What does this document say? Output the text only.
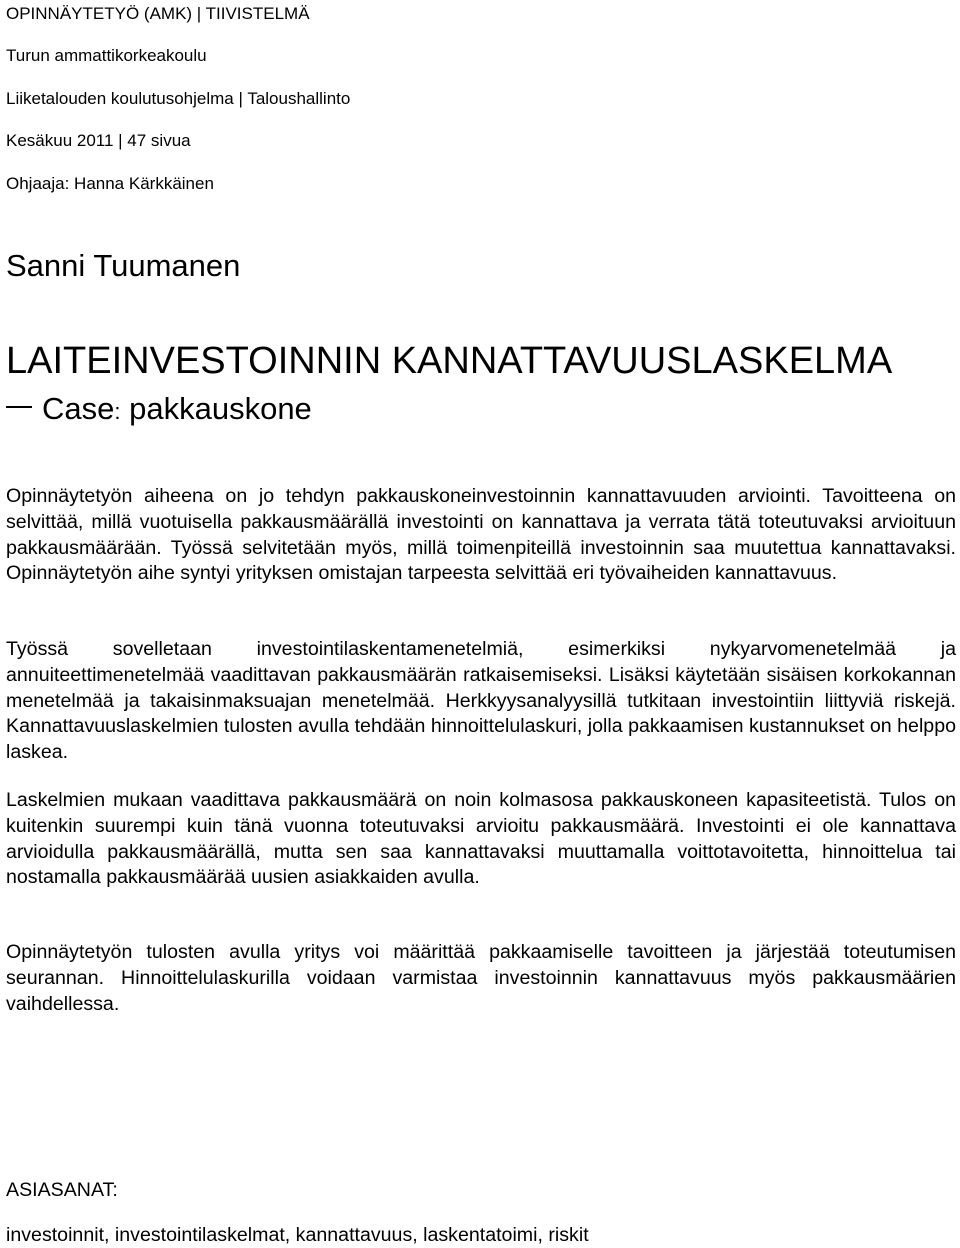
OPINNÄYTETYÖ (AMK) | TIIVISTELMÄ
Turun ammattikorkeakoulu
Liiketalouden koulutusohjelma | Taloushallinto
Kesäkuu 2011 | 47 sivua
Ohjaaja: Hanna Kärkkäinen
Sanni Tuumanen
LAITEINVESTOINNIN KANNATTAVUUSLASKELMA
Case: pakkauskone

Opinnäytetyön aiheena on jo tehdyn pakkauskoneinvestoinnin kannattavuuden arviointi. Tavoitteena on selvittää, millä vuotuisella pakkausmäärällä investointi on kannattava ja verrata tätä toteutuvaksi arvioituun pakkausmäärään. Työssä selvitetään myös, millä toimenpiteillä investoinnin saa muutettua kannattavaksi. Opinnäytetyön aihe syntyi yrityksen omistajan tarpeesta selvittää eri työvaiheiden kannattavuus.

Työssä sovelletaan investointilaskentamenetelmiä, esimerkiksi nykyarvomenetelmää ja annuiteettimenetelmää vaadittavan pakkausmäärän ratkaisemiseksi. Lisäksi käytetään sisäisen korkokannan menetelmää ja takaisinmaksuajan menetelmää. Herkkyysanalyysillä tutkitaan investointiin liittyviä riskejä. Kannattavuuslaskelmien tulosten avulla tehdään hinnoittelulaskuri, jolla pakkaamisen kustannukset on helppo laskea.

Laskelmien mukaan vaadittava pakkausmäärä on noin kolmasosa pakkauskoneen kapasiteetistä. Tulos on kuitenkin suurempi kuin tänä vuonna toteutuvaksi arvioitu pakkausmäärä. Investointi ei ole kannattava arvioidulla pakkausmäärällä, mutta sen saa kannattavaksi muuttamalla voittotavoitetta, hinnoittelua tai nostamalla pakkausmäärää uusien asiakkaiden avulla.

Opinnäytetyön tulosten avulla yritys voi määrittää pakkaamiselle tavoitteen ja järjestää toteutumisen seurannan. Hinnoittelulaskurilla voidaan varmistaa investoinnin kannattavuus myös pakkausmäärien vaihdellessa.

ASIASANAT:
investoinnit, investointilaskelmat, kannattavuus, laskentatoimi, riskit
